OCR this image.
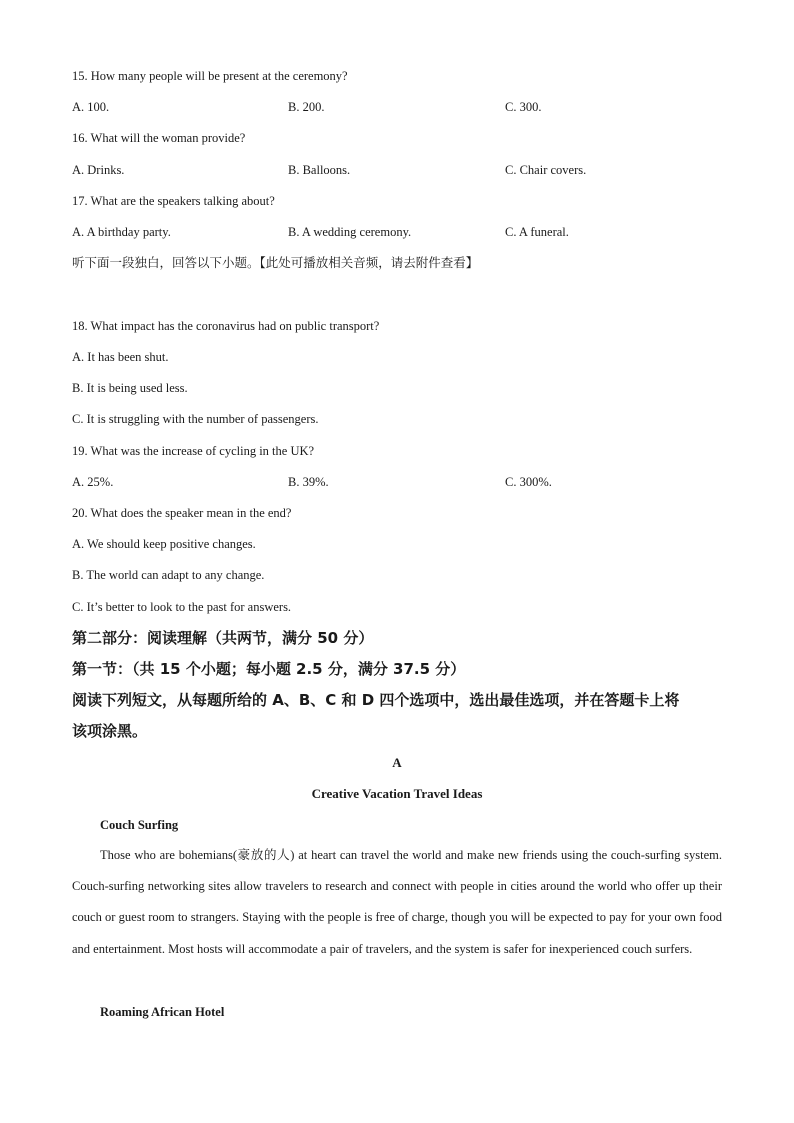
15. How many people will be present at the ceremony?
A. 100.	B. 200.	C. 300.
16. What will the woman provide?
A. Drinks.	B. Balloons.	C. Chair covers.
17. What are the speakers talking about?
A. A birthday party.	B. A wedding ceremony.	C. A funeral.
听下面一段独白，回答以下小题。【此处可播放相关音频，请去附件查看】
18. What impact has the coronavirus had on public transport?
A. It has been shut.
B. It is being used less.
C. It is struggling with the number of passengers.
19. What was the increase of cycling in the UK?
A. 25%.	B. 39%.	C. 300%.
20. What does the speaker mean in the end?
A. We should keep positive changes.
B. The world can adapt to any change.
C. It’s better to look to the past for answers.
第二部分：阅读理解（共两节，满分 50 分）
第一节：（共 15 个小题；每小题 2.5 分，满分 37.5 分）
阅读下列短文，从每题所给的 A、B、C 和 D 四个选项中，选出最佳选项，并在答题卡上将
该项涂黑。
A
Creative Vacation Travel Ideas
Couch Surfing
Those who are bohemians(豪放的人) at heart can travel the world and make new friends using the couch-surfing system. Couch-surfing networking sites allow travelers to research and connect with people in cities around the world who offer up their couch or guest room to strangers. Staying with the people is free of charge, though you will be expected to pay for your own food and entertainment. Most hosts will accommodate a pair of travelers, and the system is safer for inexperienced couch surfers.
Roaming African Hotel
